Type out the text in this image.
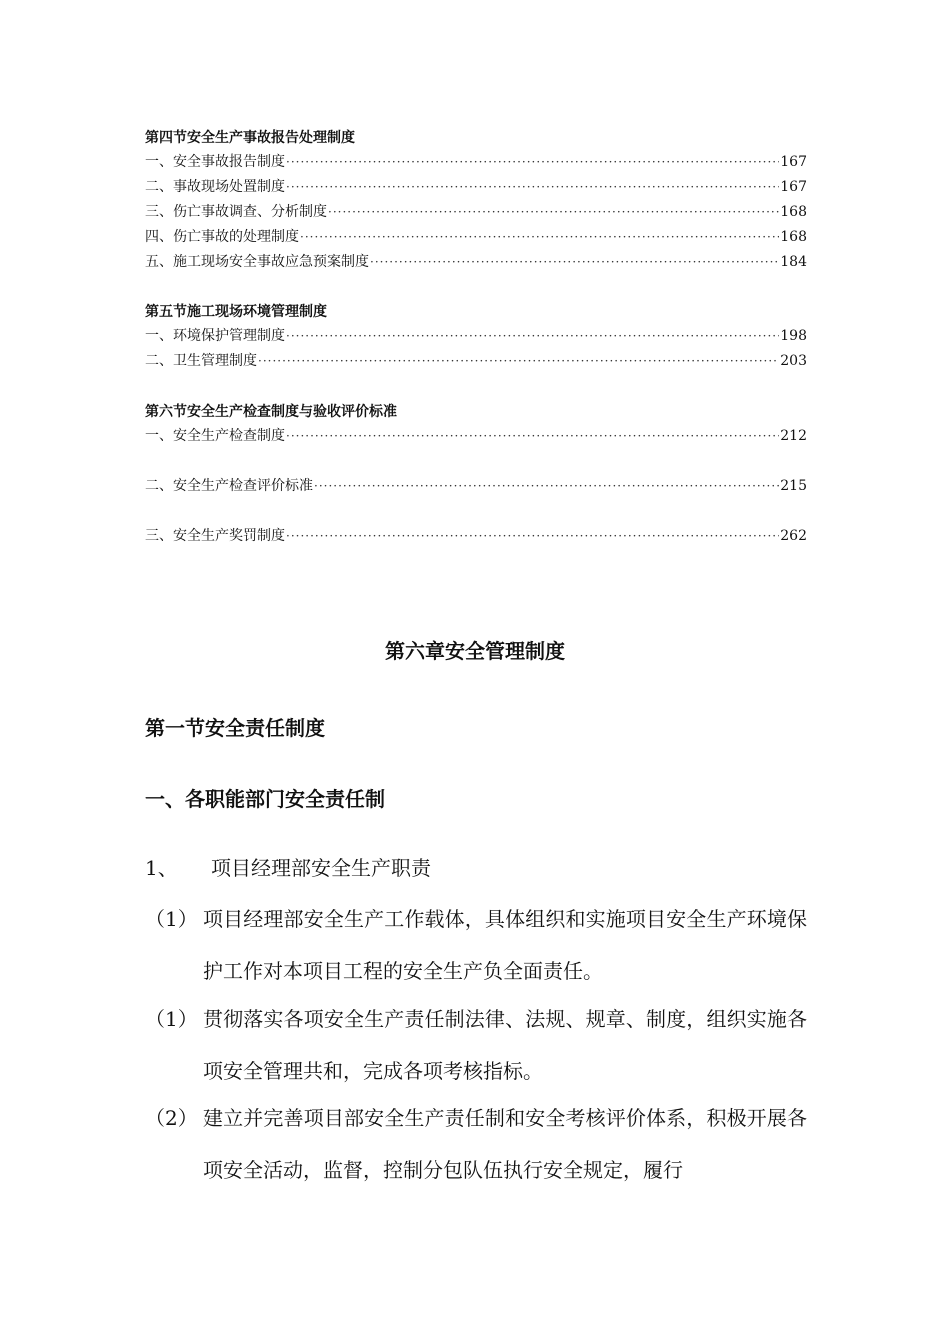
第四节安全生产事故报告处理制度
一、安全事故报告制度 ·····	167
二、事故现场处置制度 ·····	167
三、伤亡事故调查、分析制度 ·····	168
四、伤亡事故的处理制度 ·····	168
五、施工现场安全事故应急预案制度 ·····	184
第五节施工现场环境管理制度
一、环境保护管理制度 ·····	198
二、卫生管理制度 ·····	203
第六节安全生产检查制度与验收评价标准
一、安全生产检查制度 ·····	212
二、安全生产检查评价标准 ·····	215
三、安全生产奖罚制度 ·····	262
第六章安全管理制度
第一节安全责任制度
一、各职能部门安全责任制
1、 项目经理部安全生产职责
（1） 项目经理部安全生产工作载体，具体组织和实施项目安全生产环境保护工作对本项目工程的安全生产负全面责任。
（1） 贯彻落实各项安全生产责任制法律、法规、规章、制度，组织实施各项安全管理共和，完成各项考核指标。
（2） 建立并完善项目部安全生产责任制和安全考核评价体系，积极开展各项安全活动，监督，控制分包队伍执行安全规定，履行
